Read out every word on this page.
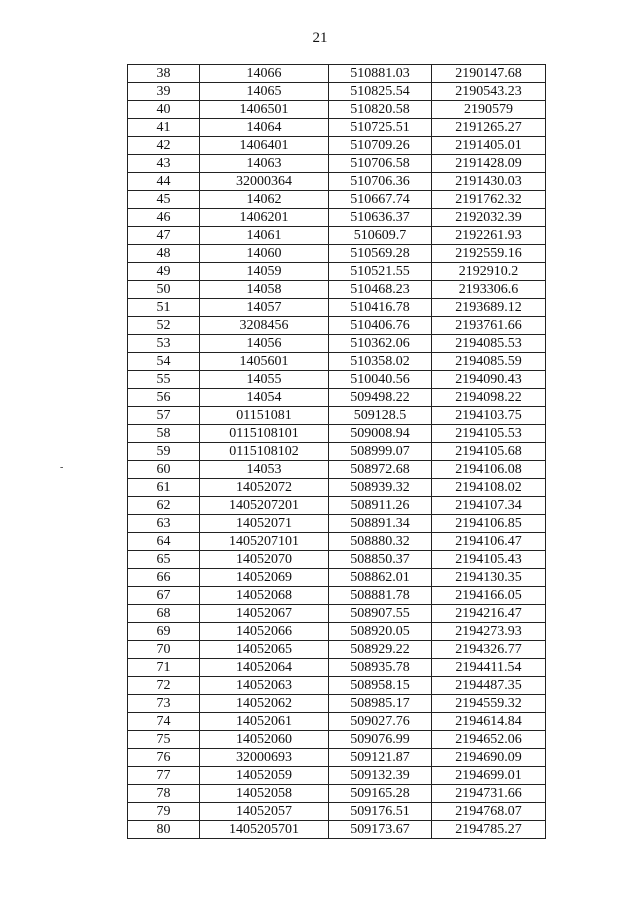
21
-
38	14066	510881.03	2190147.68
39	14065	510825.54	2190543.23
40	1406501	510820.58	2190579
41	14064	510725.51	2191265.27
42	1406401	510709.26	2191405.01
43	14063	510706.58	2191428.09
44	32000364	510706.36	2191430.03
45	14062	510667.74	2191762.32
46	1406201	510636.37	2192032.39
47	14061	510609.7	2192261.93
48	14060	510569.28	2192559.16
49	14059	510521.55	2192910.2
50	14058	510468.23	2193306.6
51	14057	510416.78	2193689.12
52	3208456	510406.76	2193761.66
53	14056	510362.06	2194085.53
54	1405601	510358.02	2194085.59
55	14055	510040.56	2194090.43
56	14054	509498.22	2194098.22
57	01151081	509128.5	2194103.75
58	0115108101	509008.94	2194105.53
59	0115108102	508999.07	2194105.68
60	14053	508972.68	2194106.08
61	14052072	508939.32	2194108.02
62	1405207201	508911.26	2194107.34
63	14052071	508891.34	2194106.85
64	1405207101	508880.32	2194106.47
65	14052070	508850.37	2194105.43
66	14052069	508862.01	2194130.35
67	14052068	508881.78	2194166.05
68	14052067	508907.55	2194216.47
69	14052066	508920.05	2194273.93
70	14052065	508929.22	2194326.77
71	14052064	508935.78	2194411.54
72	14052063	508958.15	2194487.35
73	14052062	508985.17	2194559.32
74	14052061	509027.76	2194614.84
75	14052060	509076.99	2194652.06
76	32000693	509121.87	2194690.09
77	14052059	509132.39	2194699.01
78	14052058	509165.28	2194731.66
79	14052057	509176.51	2194768.07
80	1405205701	509173.67	2194785.27
